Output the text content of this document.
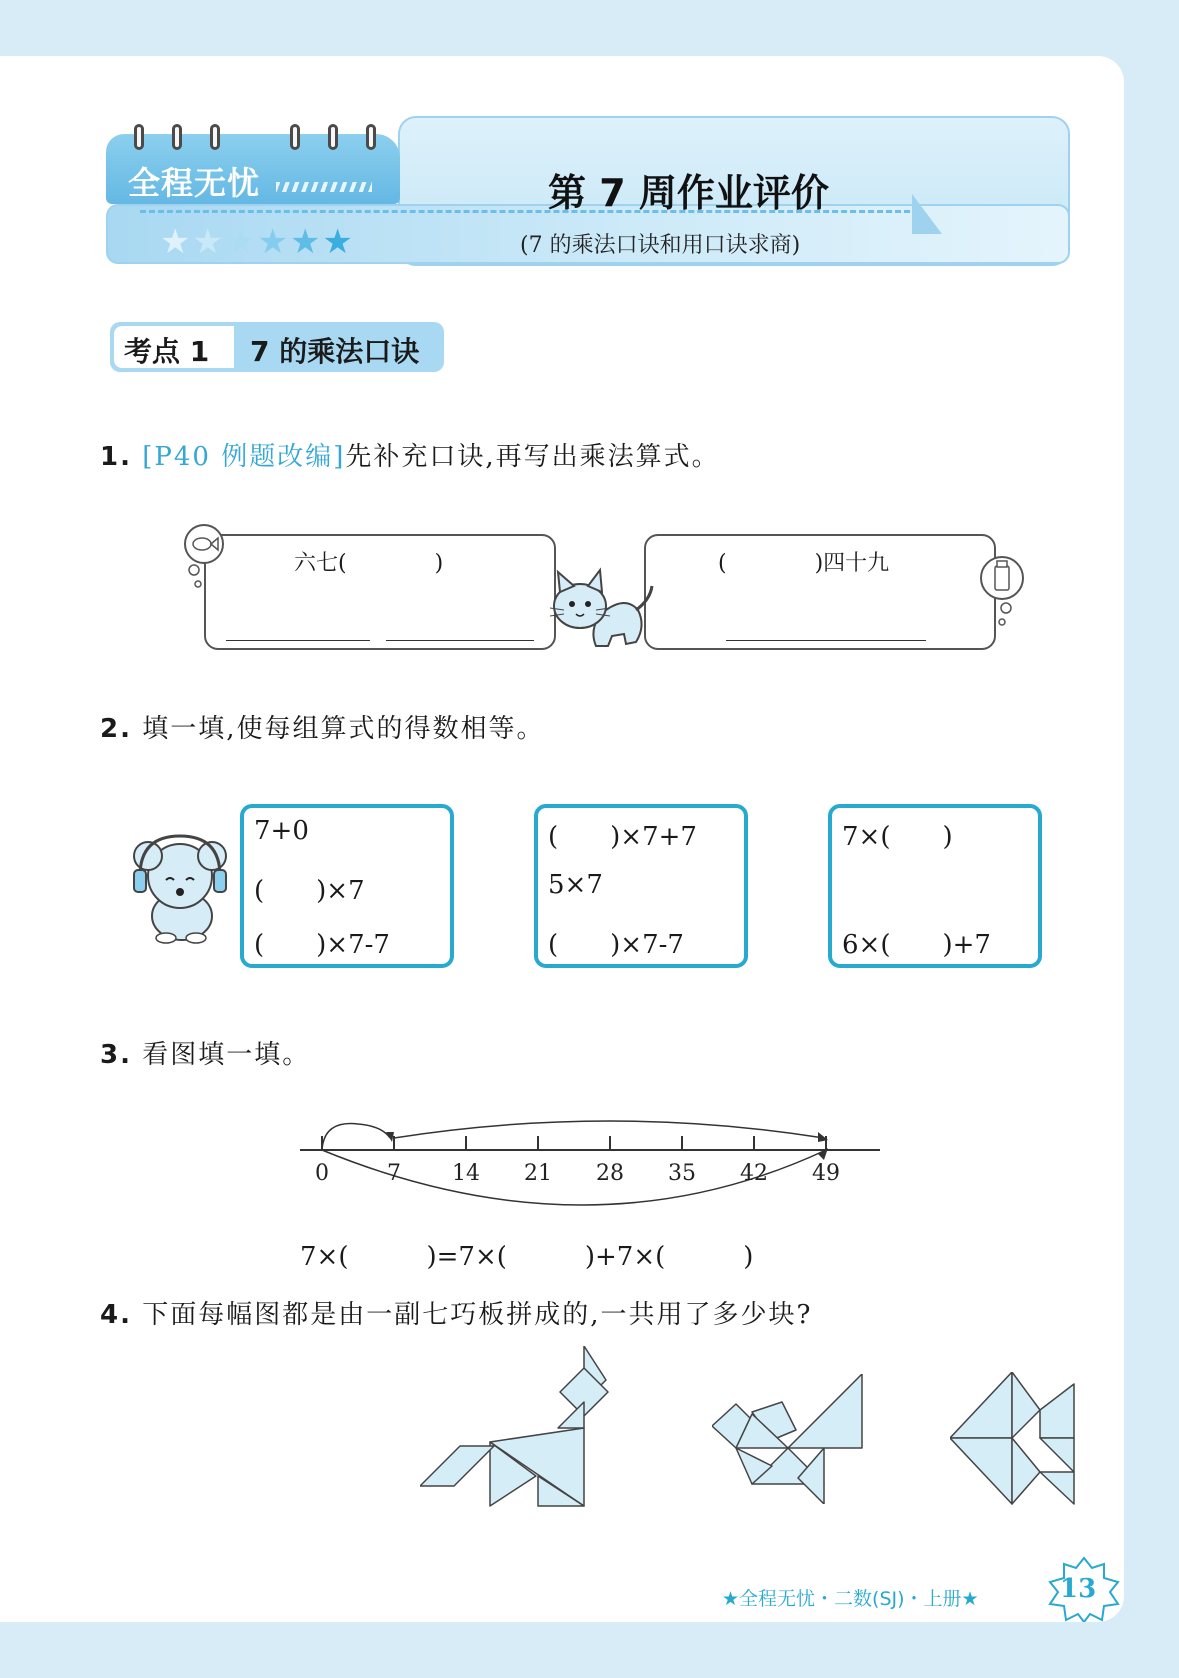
全程无忧
★★★★★★
第 7 周作业评价
(7 的乘法口诀和用口诀求商)
考点 1 7 的乘法口诀
1. [P40 例题改编]先补充口诀,再写出乘法算式。
六七(　　　　)	(　　　　)四十九
2. 填一填,使每组算式的得数相等。
7+0
(　　)×7
(　　)×7-7
(　　)×7+7
5×7
(　　)×7-7
7×(　　)
6×(　　)+7
3. 看图填一填。
0	7 14 21 28 35 42 49
7×(　　　)=7×(　　　)+7×(　　　)
4. 下面每幅图都是由一副七巧板拼成的,一共用了多少块?
★全程无忧・二数(SJ)・上册★	13
